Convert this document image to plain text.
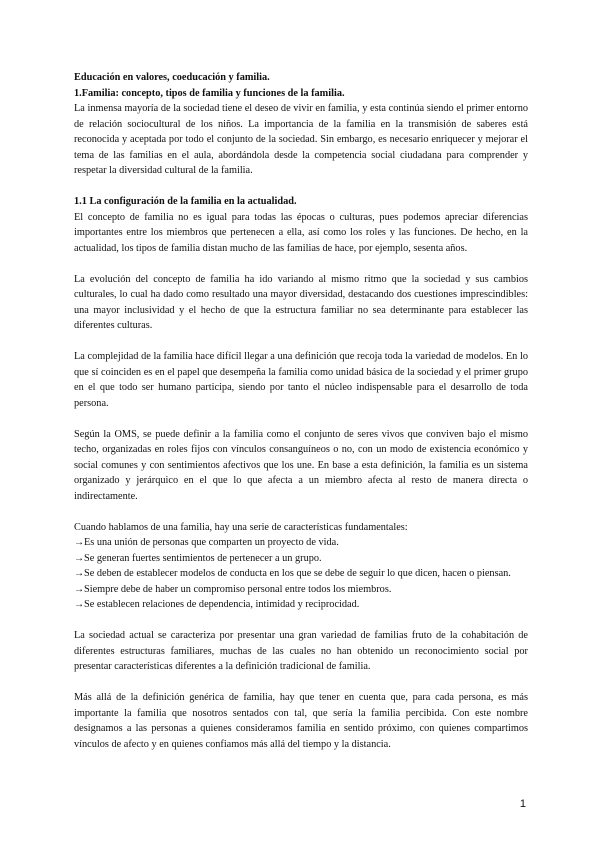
Educación en valores, coeducación y familia.

1.Familia: concepto, tipos de familia y funciones de la familia.

La inmensa mayoría de la sociedad tiene el deseo de vivir en familia, y esta continúa siendo el primer entorno de relación sociocultural de los niños. La importancia de la familia en la transmisión de saberes está reconocida y aceptada por todo el conjunto de la sociedad. Sin embargo, es necesario enriquecer y mejorar el tema de las familias en el aula, abordándola desde la competencia social ciudadana para comprender y respetar la diversidad cultural de la familia.

1.1 La configuración de la familia en la actualidad.

El concepto de familia no es igual para todas las épocas o culturas, pues podemos apreciar diferencias importantes entre los miembros que pertenecen a ella, así como los roles y las funciones. De hecho, en la actualidad, los tipos de familia distan mucho de las familias de hace, por ejemplo, sesenta años.

La evolución del concepto de familia ha ido variando al mismo ritmo que la sociedad y sus cambios culturales, lo cual ha dado como resultado una mayor diversidad, destacando dos cuestiones imprescindibles: una mayor inclusividad y el hecho de que la estructura familiar no sea determinante para establecer las diferentes culturas.

La complejidad de la familia hace difícil llegar a una definición que recoja toda la variedad de modelos. En lo que sí coinciden es en el papel que desempeña la familia como unidad básica de la sociedad y el primer grupo en el que todo ser humano participa, siendo por tanto el núcleo indispensable para el desarrollo de toda persona.

Según la OMS, se puede definir a la familia como el conjunto de seres vivos que conviven bajo el mismo techo, organizadas en roles fijos con vínculos consanguíneos o no, con un modo de existencia económico y social comunes y con sentimientos afectivos que los une. En base a esta definición, la familia es un sistema organizado y jerárquico en el que lo que afecta a un miembro afecta al resto de manera directa o indirectamente.

Cuando hablamos de una familia, hay una serie de características fundamentales:

→Es una unión de personas que comparten un proyecto de vida.

→Se generan fuertes sentimientos de pertenecer a un grupo.

→Se deben de establecer modelos de conducta en los que se debe de seguir lo que dicen, hacen o piensan.

→Siempre debe de haber un compromiso personal entre todos los miembros.

→Se establecen relaciones de dependencia, intimidad y reciprocidad.

La sociedad actual se caracteriza por presentar una gran variedad de familias fruto de la cohabitación de diferentes estructuras familiares, muchas de las cuales no han obtenido un reconocimiento social por presentar características diferentes a la definición tradicional de familia.

Más allá de la definición genérica de familia, hay que tener en cuenta que, para cada persona, es más importante la familia que nosotros sentados con tal, que sería la familia percibida. Con este nombre designamos a las personas a quienes consideramos familia en sentido próximo, con quienes compartimos vínculos de afecto y en quienes confiamos más allá del tiempo y la distancia.

1
